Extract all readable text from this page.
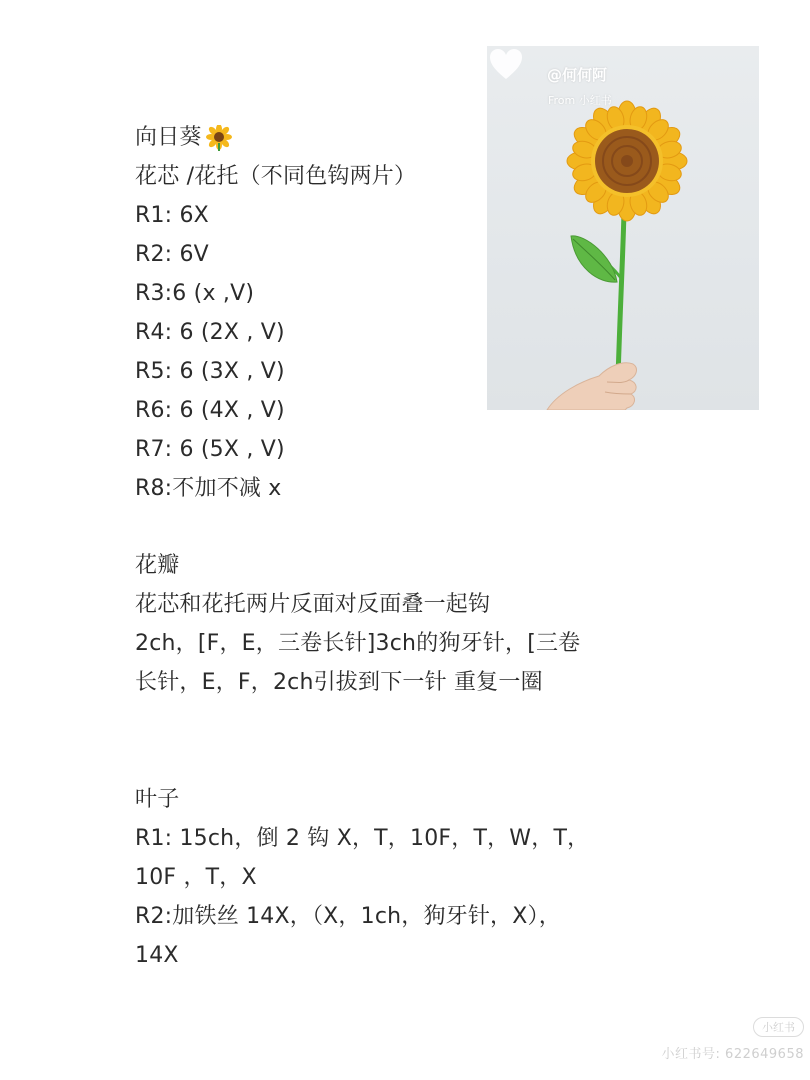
向日葵
花芯 /花托（不同色钩两片）
R1: 6X
R2: 6V
R3:6 (x ,V)
R4: 6 (2X , V)
R5: 6 (3X , V)
R6: 6 (4X , V)
R7: 6 (5X , V)
R8:不加不减 x
花瓣
花芯和花托两片反面对反面叠一起钩
2ch，[F，E，三卷长针]3ch的狗牙针，[三卷
长针，E，F，2ch引拔到下一针 重复一圈
叶子
R1: 15ch，倒 2 钩 X，T，10F，T，W，T，
10F ，T，X
R2:加铁丝 14X，（X，1ch，狗牙针，X），
14X
@何何阿
From 小红书
小红书
小红书号: 622649658
